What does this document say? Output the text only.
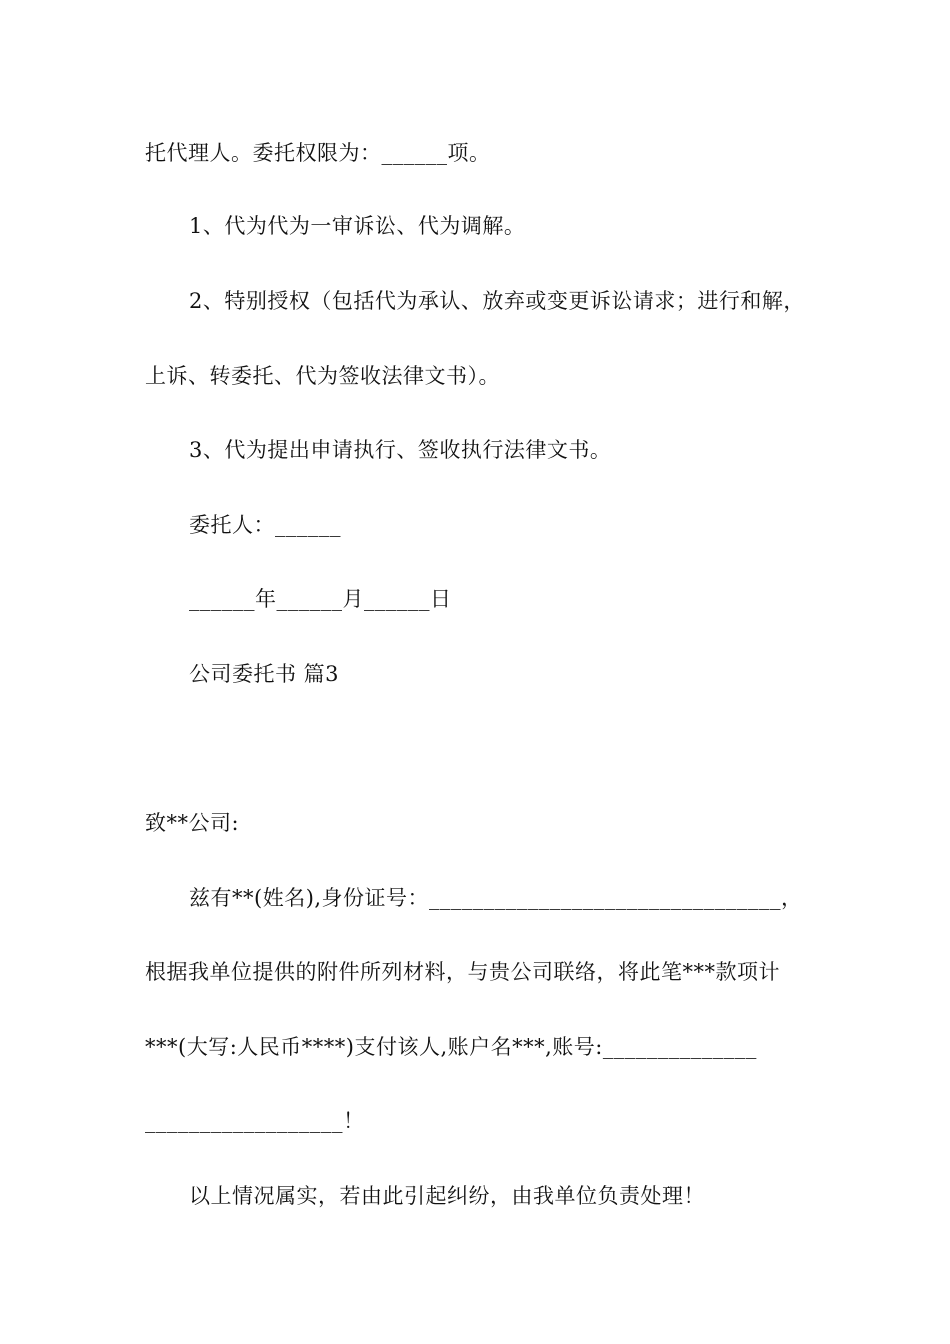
托代理人。委托权限为：______项。
1、代为代为一审诉讼、代为调解。
2、特别授权（包括代为承认、放弃或变更诉讼请求；进行和解，
上诉、转委托、代为签收法律文书）。
3、代为提出申请执行、签收执行法律文书。
委托人：______
______年______月______日
公司委托书 篇3
致**公司:
兹有**(姓名),身份证号：________________________________，
根据我单位提供的附件所列材料，与贵公司联络，将此笔***款项计
***(大写:人民币****)支付该人,账户名***,账号:______________
__________________！
以上情况属实，若由此引起纠纷，由我单位负责处理！
